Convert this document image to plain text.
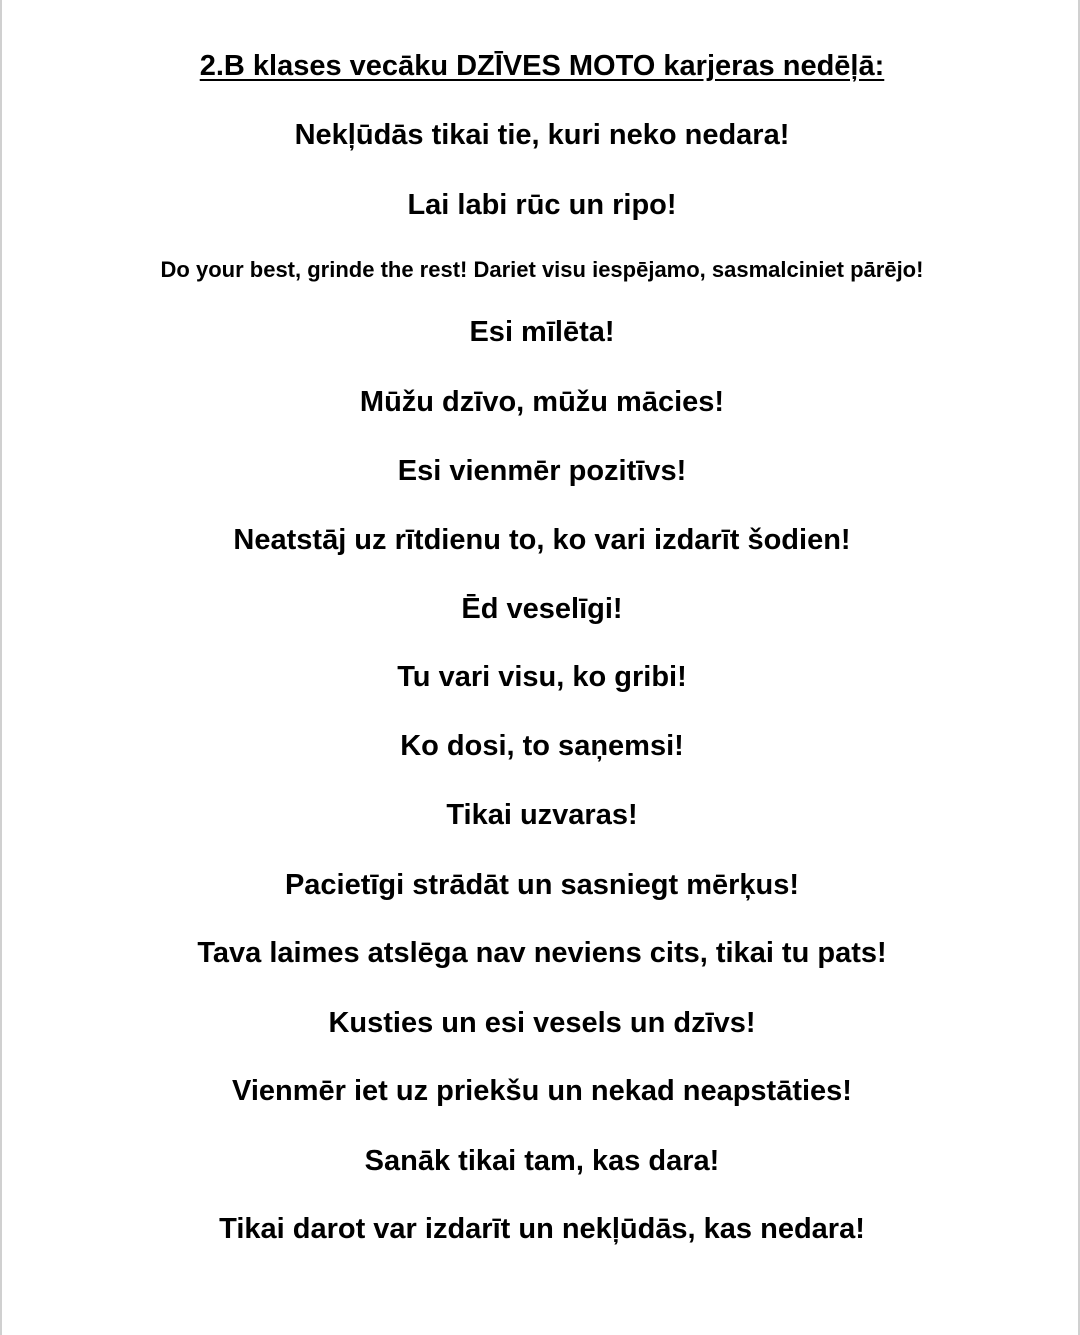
2.B klases vecāku DZĪVES MOTO karjeras nedēļā:
Nekļūdās tikai tie, kuri neko nedara!
Lai labi rūc un ripo!
Do your best, grinde the rest! Dariet visu iespējamo, sasmalciniet pārējo!
Esi mīlēta!
Mūžu dzīvo, mūžu mācies!
Esi vienmēr pozitīvs!
Neatstāj uz rītdienu to, ko vari izdarīt šodien!
Ēd veselīgi!
Tu vari visu, ko gribi!
Ko dosi, to saņemsi!
Tikai uzvaras!
Pacietīgi strādāt un sasniegt mērķus!
Tava laimes atslēga nav neviens cits, tikai tu pats!
Kusties un esi vesels un dzīvs!
Vienmēr iet uz priekšu un nekad neapstāties!
Sanāk tikai tam, kas dara!
Tikai darot var izdarīt un nekļūdās, kas nedara!
